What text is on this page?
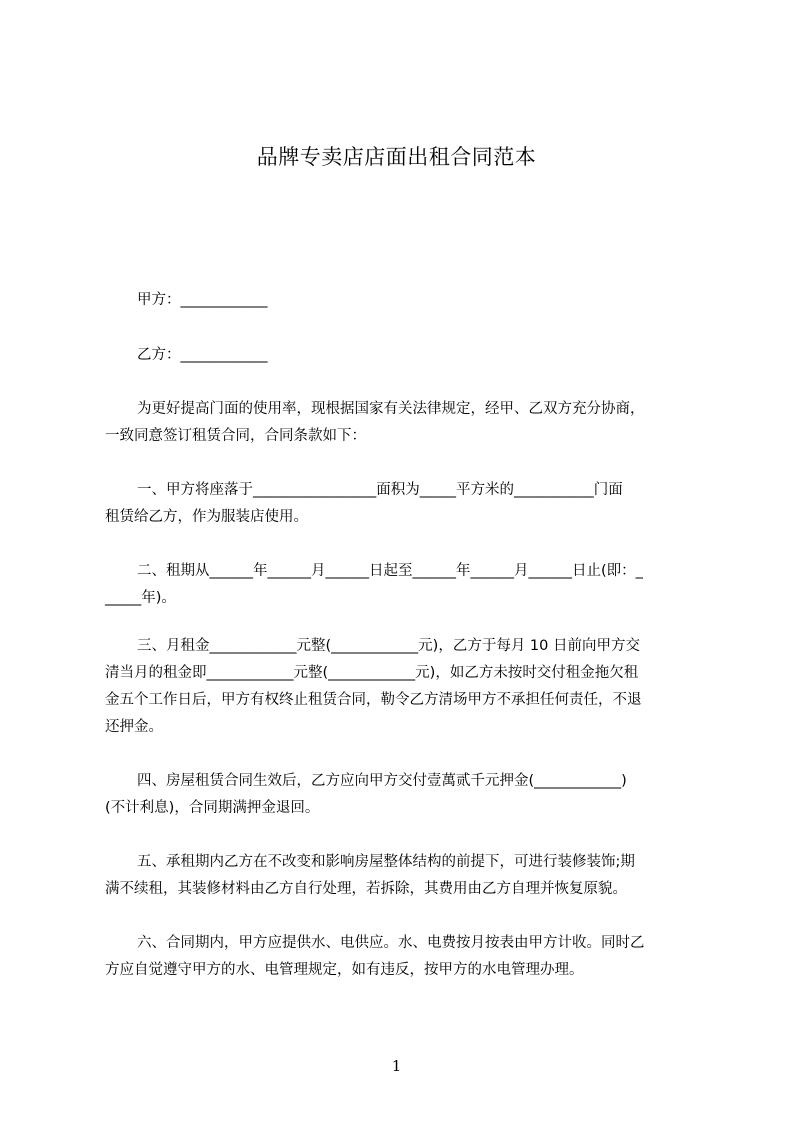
品牌专卖店店面出租合同范本
甲方：____________
乙方：____________
为更好提高门面的使用率，现根据国家有关法律规定，经甲、乙双方充分协商，
一致同意签订租赁合同，合同条款如下：
一、甲方将座落于_________________面积为_____平方米的___________门面
租赁给乙方，作为服装店使用。
二、租期从______年______月______日起至______年______月______日止(即：_
_____年)。
三、月租金____________元整(____________元)，乙方于每月 10 日前向甲方交
清当月的租金即____________元整(____________元)，如乙方未按时交付租金拖欠租
金五个工作日后，甲方有权终止租赁合同，勒令乙方清场甲方不承担任何责任，不退
还押金。
四、房屋租赁合同生效后，乙方应向甲方交付壹萬贰千元押金(____________)
(不计利息)，合同期满押金退回。
五、承租期内乙方在不改变和影响房屋整体结构的前提下，可进行装修装饰;期
满不续租，其装修材料由乙方自行处理，若拆除，其费用由乙方自理并恢复原貌。
六、合同期内，甲方应提供水、电供应。水、电费按月按表由甲方计收。同时乙
方应自觉遵守甲方的水、电管理规定，如有违反，按甲方的水电管理办理。
1
